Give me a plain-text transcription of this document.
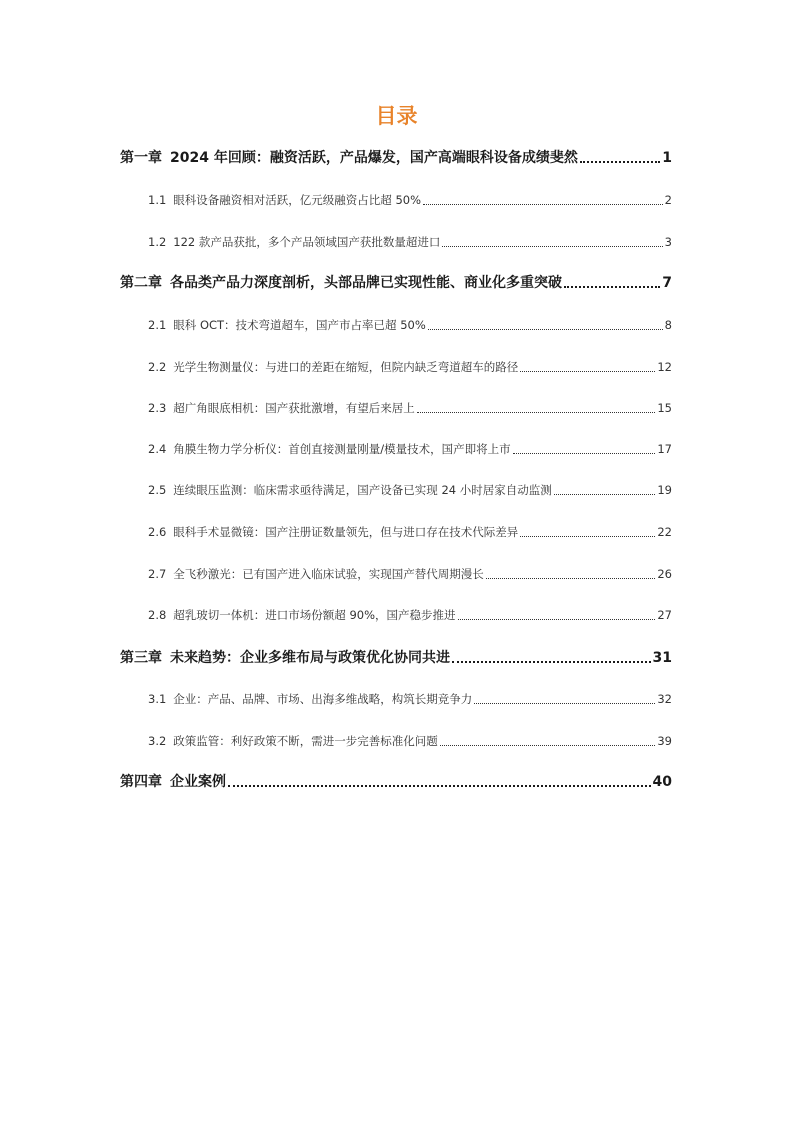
目录
第一章 2024 年回顾：融资活跃，产品爆发，国产高端眼科设备成绩斐然	1
1.1 眼科设备融资相对活跃，亿元级融资占比超 50%	2
1.2 122 款产品获批，多个产品领域国产获批数量超进口	3
第二章 各品类产品力深度剖析，头部品牌已实现性能、商业化多重突破	7
2.1 眼科 OCT：技术弯道超车，国产市占率已超 50%	8
2.2 光学生物测量仪：与进口的差距在缩短，但院内缺乏弯道超车的路径	12
2.3 超广角眼底相机：国产获批激增，有望后来居上	15
2.4 角膜生物力学分析仪：首创直接测量刚量/模量技术，国产即将上市	17
2.5 连续眼压监测：临床需求亟待满足，国产设备已实现 24 小时居家自动监测	19
2.6 眼科手术显微镜：国产注册证数量领先，但与进口存在技术代际差异	22
2.7 全飞秒激光：已有国产进入临床试验，实现国产替代周期漫长	26
2.8 超乳玻切一体机：进口市场份额超 90%，国产稳步推进	27
第三章 未来趋势：企业多维布局与政策优化协同共进	31
3.1 企业：产品、品牌、市场、出海多维战略，构筑长期竞争力	32
3.2 政策监管：利好政策不断，需进一步完善标准化问题	39
第四章 企业案例	40
